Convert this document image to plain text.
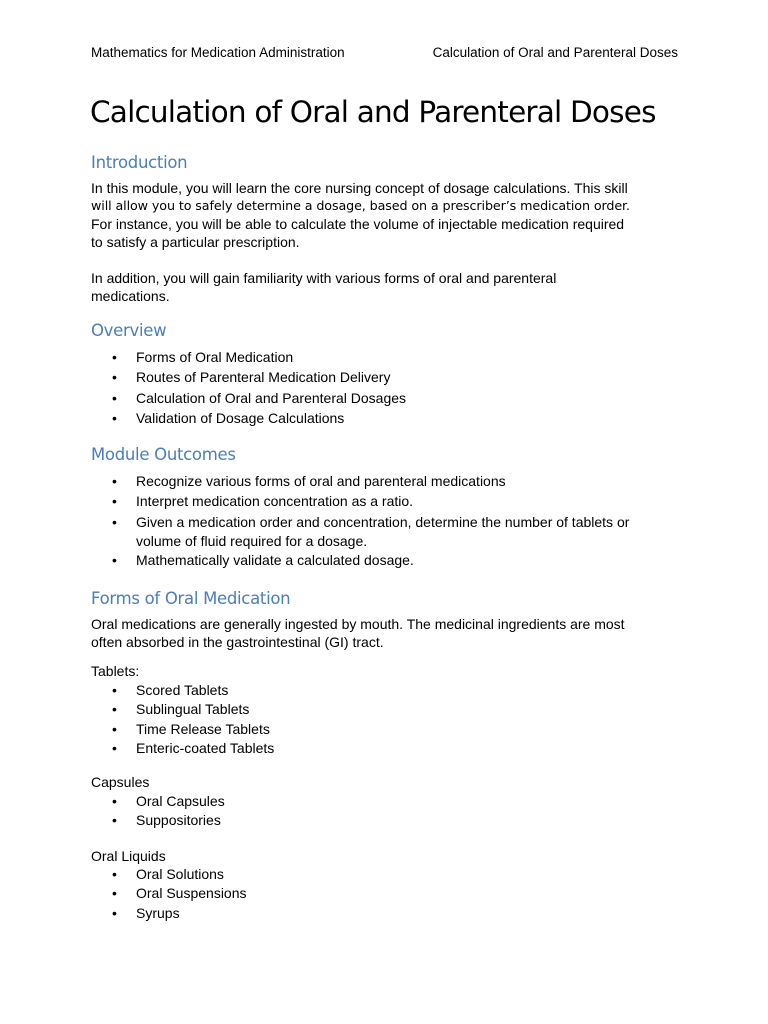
Mathematics for Medication Administration	Calculation of Oral and Parenteral Doses
Calculation of Oral and Parenteral Doses
Introduction
In this module, you will learn the core nursing concept of dosage calculations. This skill
will allow you to safely determine a dosage, based on a prescriber’s medication order.
For instance, you will be able to calculate the volume of injectable medication required
to satisfy a particular prescription.
In addition, you will gain familiarity with various forms of oral and parenteral
medications.
Overview
• Forms of Oral Medication
• Routes of Parenteral Medication Delivery
• Calculation of Oral and Parenteral Dosages
• Validation of Dosage Calculations
Module Outcomes
• Recognize various forms of oral and parenteral medications
• Interpret medication concentration as a ratio.
• Given a medication order and concentration, determine the number of tablets or
volume of fluid required for a dosage.
• Mathematically validate a calculated dosage.
Forms of Oral Medication
Oral medications are generally ingested by mouth. The medicinal ingredients are most
often absorbed in the gastrointestinal (GI) tract.
Tablets:
• Scored Tablets
• Sublingual Tablets
• Time Release Tablets
• Enteric-coated Tablets
Capsules
• Oral Capsules
• Suppositories
Oral Liquids
• Oral Solutions
• Oral Suspensions
• Syrups
